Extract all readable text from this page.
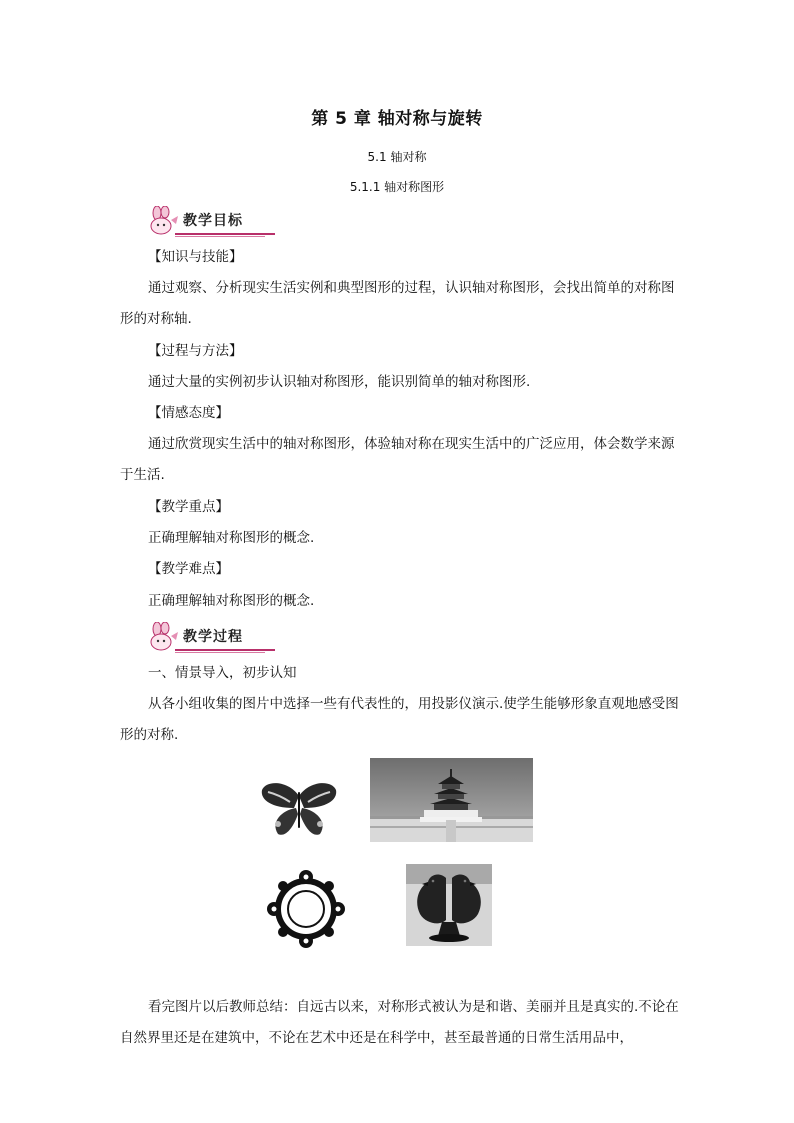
第 5 章 轴对称与旋转
5.1 轴对称
5.1.1 轴对称图形
教学目标
【知识与技能】
通过观察、分析现实生活实例和典型图形的过程，认识轴对称图形，会找出简单的对称图形的对称轴.
【过程与方法】
通过大量的实例初步认识轴对称图形，能识别简单的轴对称图形.
【情感态度】
通过欣赏现实生活中的轴对称图形，体验轴对称在现实生活中的广泛应用，体会数学来源于生活.
【教学重点】
正确理解轴对称图形的概念.
【教学难点】
正确理解轴对称图形的概念.
教学过程
一、情景导入，初步认知
从各小组收集的图片中选择一些有代表性的，用投影仪演示.使学生能够形象直观地感受图形的对称.
看完图片以后教师总结：自远古以来，对称形式被认为是和谐、美丽并且是真实的.不论在自然界里还是在建筑中，不论在艺术中还是在科学中，甚至最普通的日常生活用品中，
